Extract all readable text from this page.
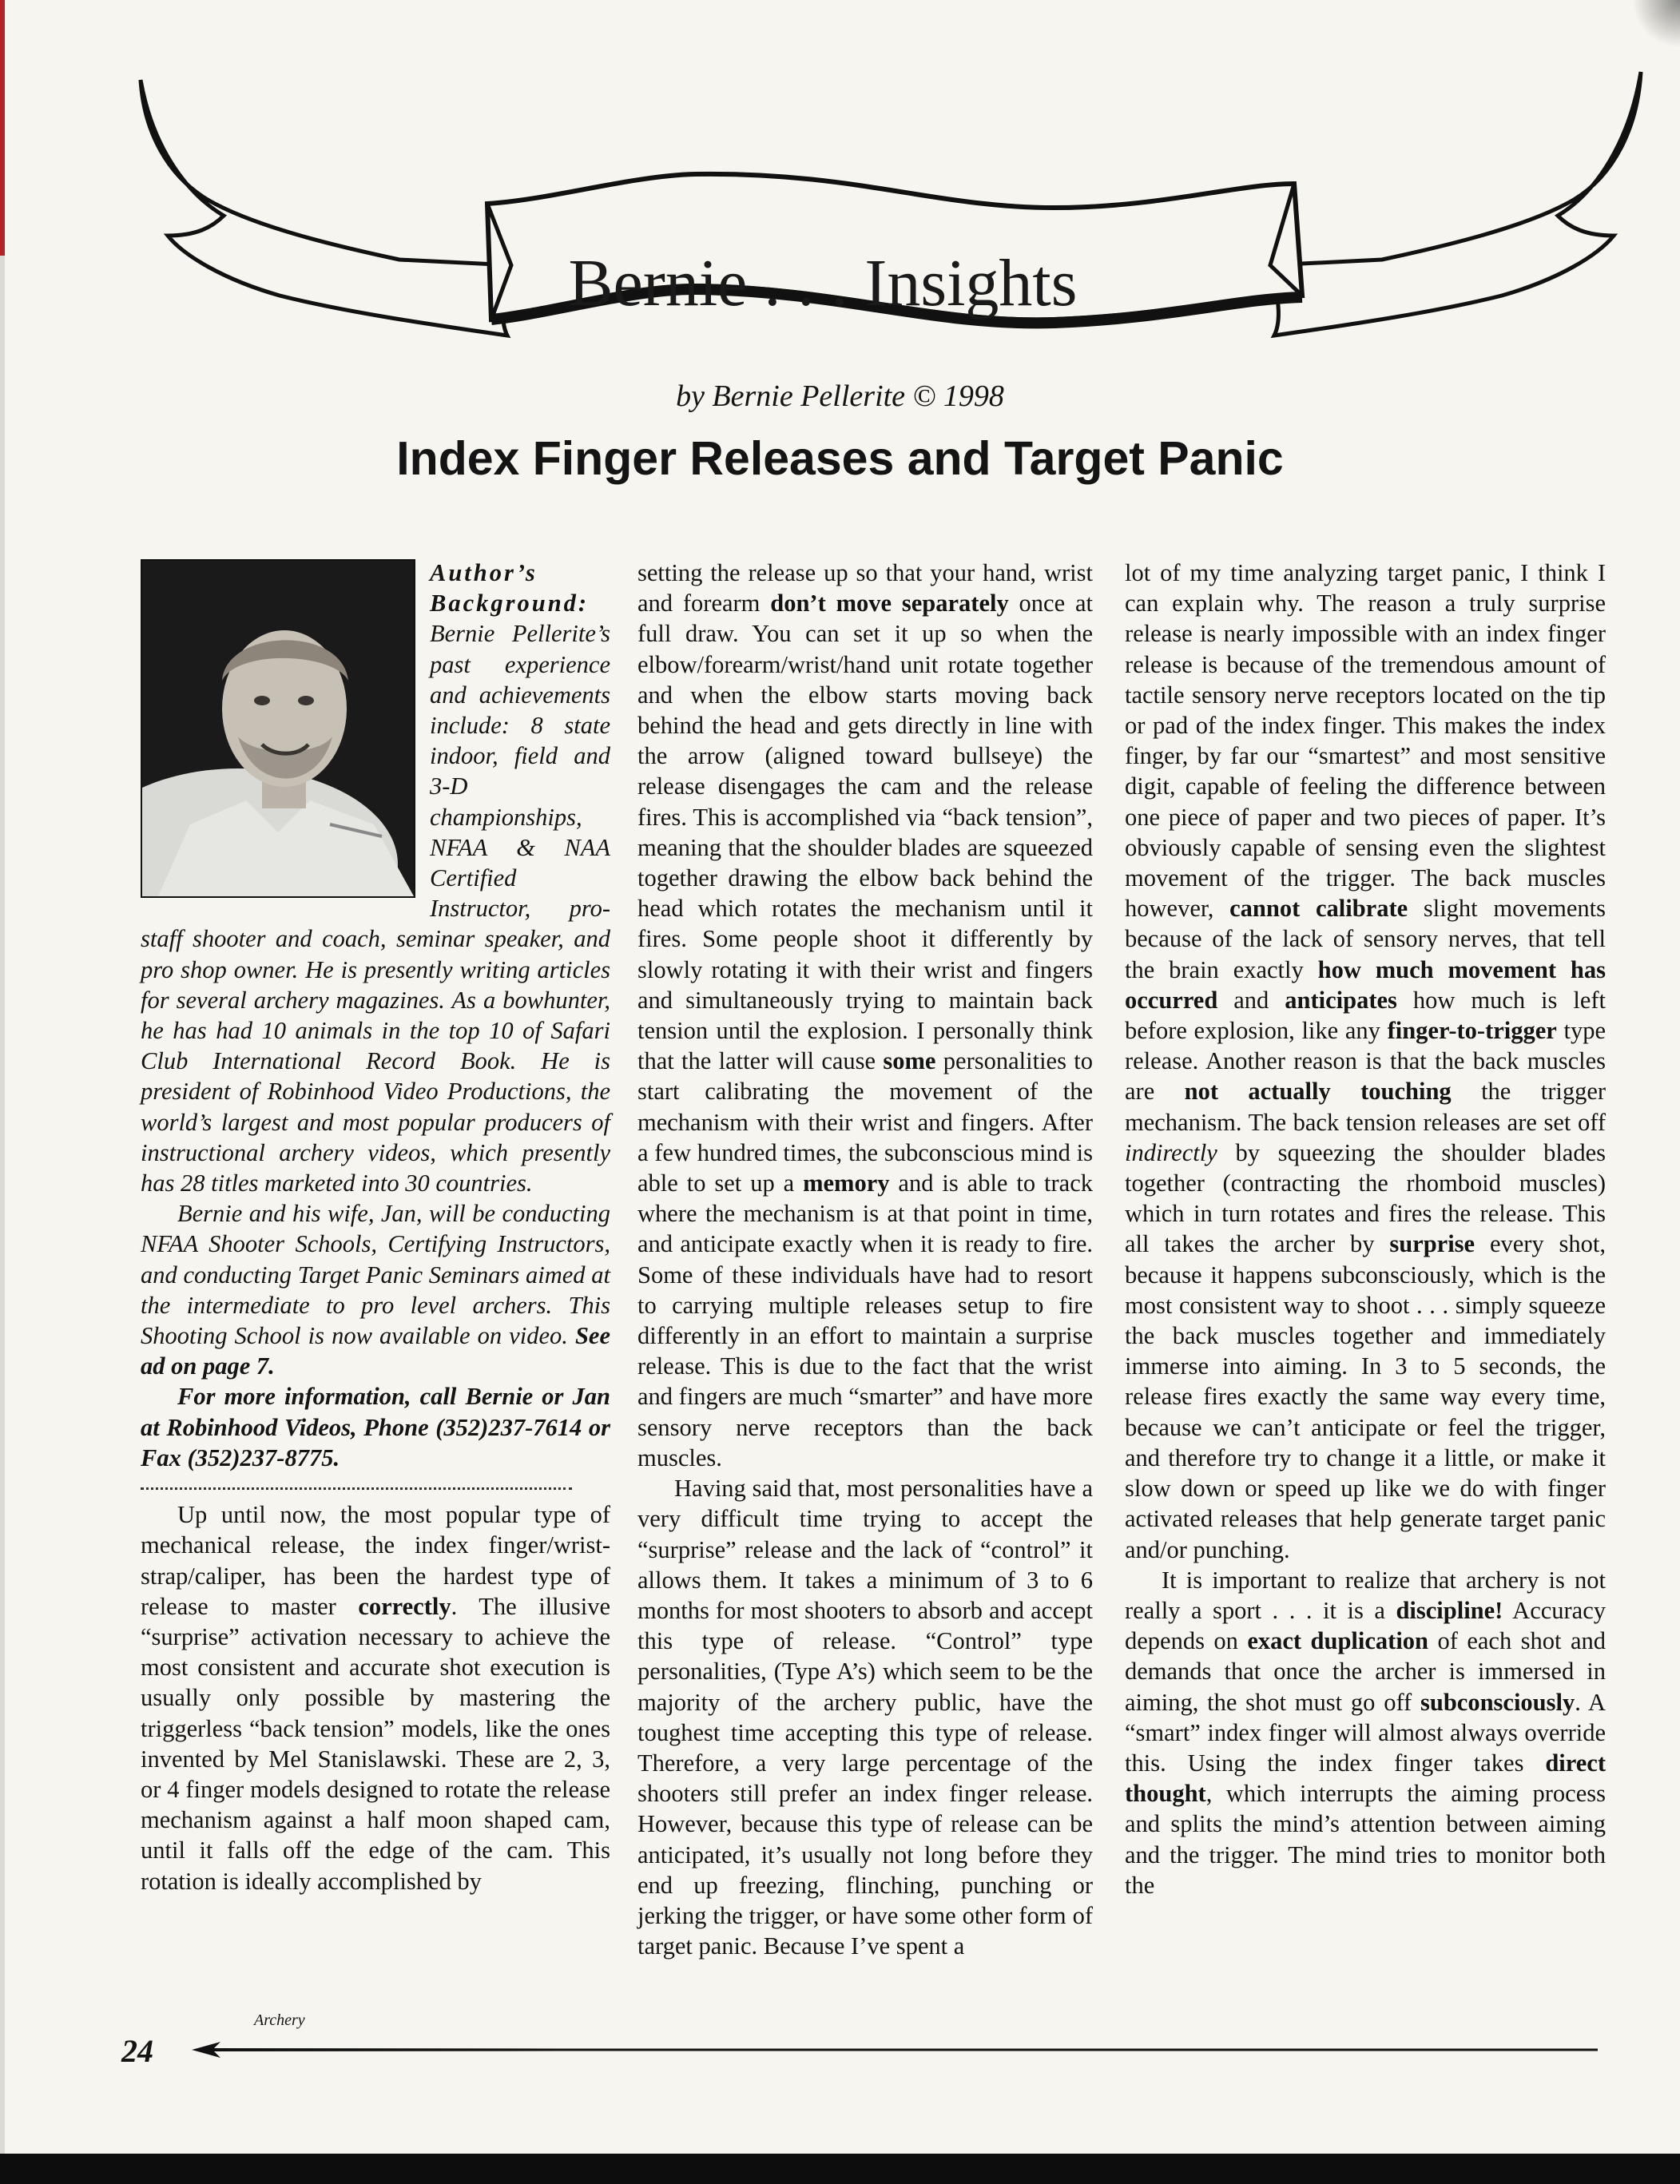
Bernie . . . Insights
by Bernie Pellerite © 1998
Index Finger Releases and Target Panic

Author’s Background: Bernie Pellerite’s past experience and achievements include: 8 state indoor, field and 3-D championships, NFAA & NAA Certified Instructor, pro-staff shooter and coach, seminar speaker, and pro shop owner. He is presently writing articles for several archery magazines. As a bowhunter, he has had 10 animals in the top 10 of Safari Club International Record Book. He is president of Robinhood Video Productions, the world’s largest and most popular producers of instructional archery videos, which presently has 28 titles marketed into 30 countries.

Bernie and his wife, Jan, will be conducting NFAA Shooter Schools, Certifying Instructors, and conducting Target Panic Seminars aimed at the intermediate to pro level archers. This Shooting School is now available on video. See ad on page 7.

For more information, call Bernie or Jan at Robinhood Videos, Phone (352)237-7614 or Fax (352)237-8775.

Up until now, the most popular type of mechanical release, the index finger/wrist-strap/caliper, has been the hardest type of release to master correctly. The illusive “surprise” activation necessary to achieve the most consistent and accurate shot execution is usually only possible by mastering the triggerless “back tension” models, like the ones invented by Mel Stanislawski. These are 2, 3, or 4 finger models designed to rotate the release mechanism against a half moon shaped cam, until it falls off the edge of the cam. This rotation is ideally accomplished by

setting the release up so that your hand, wrist and forearm don’t move separately once at full draw. You can set it up so when the elbow/forearm/wrist/hand unit rotate together and when the elbow starts moving back behind the head and gets directly in line with the arrow (aligned toward bullseye) the release disengages the cam and the release fires. This is accomplished via “back tension”, meaning that the shoulder blades are squeezed together drawing the elbow back behind the head which rotates the mechanism until it fires. Some people shoot it differently by slowly rotating it with their wrist and fingers and simultaneously trying to maintain back tension until the explosion. I personally think that the latter will cause some personalities to start calibrating the movement of the mechanism with their wrist and fingers. After a few hundred times, the subconscious mind is able to set up a memory and is able to track where the mechanism is at that point in time, and anticipate exactly when it is ready to fire. Some of these individuals have had to resort to carrying multiple releases setup to fire differently in an effort to maintain a surprise release. This is due to the fact that the wrist and fingers are much “smarter” and have more sensory nerve receptors than the back muscles.

Having said that, most personalities have a very difficult time trying to accept the “surprise” release and the lack of “control” it allows them. It takes a minimum of 3 to 6 months for most shooters to absorb and accept this type of release. “Control” type personalities, (Type A’s) which seem to be the majority of the archery public, have the toughest time accepting this type of release. Therefore, a very large percentage of the shooters still prefer an index finger release. However, because this type of release can be anticipated, it’s usually not long before they end up freezing, flinching, punching or jerking the trigger, or have some other form of target panic. Because I’ve spent a

lot of my time analyzing target panic, I think I can explain why. The reason a truly surprise release is nearly impossible with an index finger release is because of the tremendous amount of tactile sensory nerve receptors located on the tip or pad of the index finger. This makes the index finger, by far our “smartest” and most sensitive digit, capable of feeling the difference between one piece of paper and two pieces of paper. It’s obviously capable of sensing even the slightest movement of the trigger. The back muscles however, cannot calibrate slight movements because of the lack of sensory nerves, that tell the brain exactly how much movement has occurred and anticipates how much is left before explosion, like any finger-to-trigger type release. Another reason is that the back muscles are not actually touching the trigger mechanism. The back tension releases are set off indirectly by squeezing the shoulder blades together (contracting the rhomboid muscles) which in turn rotates and fires the release. This all takes the archer by surprise every shot, because it happens subconsciously, which is the most consistent way to shoot . . . simply squeeze the back muscles together and immediately immerse into aiming. In 3 to 5 seconds, the release fires exactly the same way every time, because we can’t anticipate or feel the trigger, and therefore try to change it a little, or make it slow down or speed up like we do with finger activated releases that help generate target panic and/or punching.

It is important to realize that archery is not really a sport . . . it is a discipline! Accuracy depends on exact duplication of each shot and demands that once the archer is immersed in aiming, the shot must go off subconsciously. A “smart” index finger will almost always override this. Using the index finger takes direct thought, which interrupts the aiming process and splits the mind’s attention between aiming and the trigger. The mind tries to monitor both the

24
Archery
